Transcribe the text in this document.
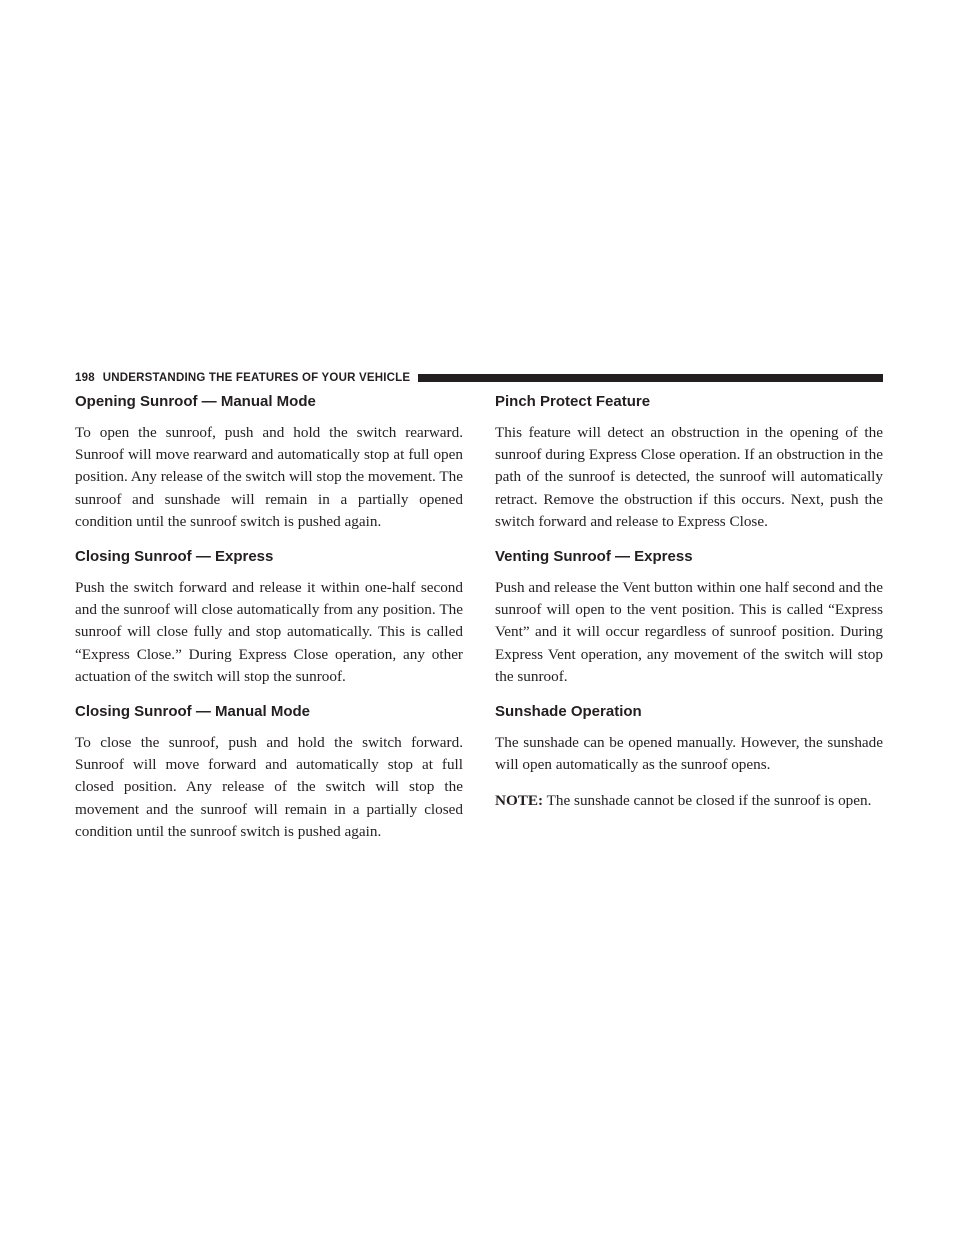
198 UNDERSTANDING THE FEATURES OF YOUR VEHICLE
Opening Sunroof — Manual Mode

To open the sunroof, push and hold the switch rearward. Sunroof will move rearward and automatically stop at full open position. Any release of the switch will stop the movement. The sunroof and sunshade will remain in a partially opened condition until the sunroof switch is pushed again.

Closing Sunroof — Express

Push the switch forward and release it within one-half second and the sunroof will close automatically from any position. The sunroof will close fully and stop automatically. This is called “Express Close.” During Express Close operation, any other actuation of the switch will stop the sunroof.

Closing Sunroof — Manual Mode

To close the sunroof, push and hold the switch forward. Sunroof will move forward and automatically stop at full closed position. Any release of the switch will stop the movement and the sunroof will remain in a partially closed condition until the sunroof switch is pushed again.

Pinch Protect Feature

This feature will detect an obstruction in the opening of the sunroof during Express Close operation. If an obstruction in the path of the sunroof is detected, the sunroof will automatically retract. Remove the obstruction if this occurs. Next, push the switch forward and release to Express Close.

Venting Sunroof — Express

Push and release the Vent button within one half second and the sunroof will open to the vent position. This is called “Express Vent” and it will occur regardless of sunroof position. During Express Vent operation, any movement of the switch will stop the sunroof.

Sunshade Operation

The sunshade can be opened manually. However, the sunshade will open automatically as the sunroof opens.

NOTE: The sunshade cannot be closed if the sunroof is open.
